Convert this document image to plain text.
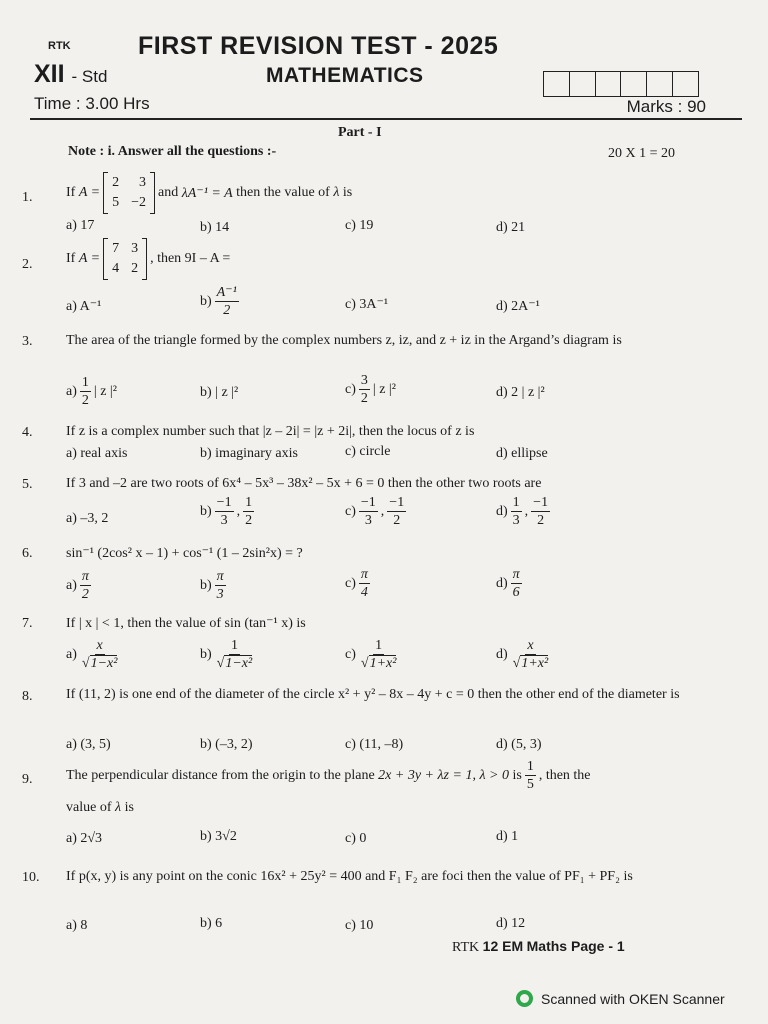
RTK	FIRST REVISION TEST - 2025
XII - Std	MATHEMATICS
Time : 3.00 Hrs	Marks : 90
Part - I
Note : i. Answer all the questions :-	20 X 1 = 20
1. If
A =
2	3
5 −2
and
λA⁻¹ = A
then the value of
λ
is
a) 17	b) 14	c) 19	d) 21
2. If
A =
7 3
4 2
, then 9I – A =
a) A⁻¹	$b) \frac{\text{A⁻¹}}{2}$	c) 3A⁻¹	d) 2A⁻¹
3. The area of the triangle formed by the complex numbers z, iz, and z + iz in the Argand’s diagram is
$a) \frac{1}{2}$ | z |²	b) | z |²	$c) \frac{3}{2}$ | z |²	d) 2 | z |²
4. If z is a complex number such that |z – 2i| = |z + 2i|, then the locus of z is
a) real axis	b) imaginary axis	c) circle	d) ellipse
5. If 3 and –2 are two roots of 6x⁴ – 5x³ – 38x² – 5x + 6 = 0 then the other two roots are
a) –3, 2	$b) \frac{-1}{3}$ , $\frac{1}{2}$	$c) \frac{-1}{3}$ , $\frac{-1}{2}$	$d) \frac{1}{3}$ , $\frac{-1}{2}$
6. sin⁻¹ (2cos² x – 1) + cos⁻¹ (1 – 2sin²x) = ?
$a) \frac{\pi}{2}$	$b) \frac{\pi}{3}$	$c) \frac{\pi}{4}$	$d) \frac{\pi}{6}$
7. If | x | < 1, then the value of sin (tan⁻¹ x) is
$a) \frac{x}{\text{√1−x²}}$	$b) \frac{1}{\text{√1−x²}}$	$c) \frac{1}{\text{√1+x²}}$	$d) \frac{x}{\text{√1+x²}}$
8. If (11, 2) is one end of the diameter of the circle x² + y² – 8x – 4y + c = 0 then the other end of the diameter is
a) (3, 5)	b) (–3, 2)	c) (11, –8)	d) (5, 3)
9. The perpendicular distance from the origin to the plane
2x + 3y + λz = 1, λ > 0
is $\frac{1}{5}$ , then the
value of λ is
a) 2√3	b) 3√2	c) 0	d) 1
10. If p(x, y) is any point on the conic 16x² + 25y² = 400 and F₁ F₂ are foci then the value of PF₁ + PF₂ is
a) 8	b) 6	c) 10	d) 12
RTK 12 EM Maths Page - 1
Scanned with OKEN Scanner
